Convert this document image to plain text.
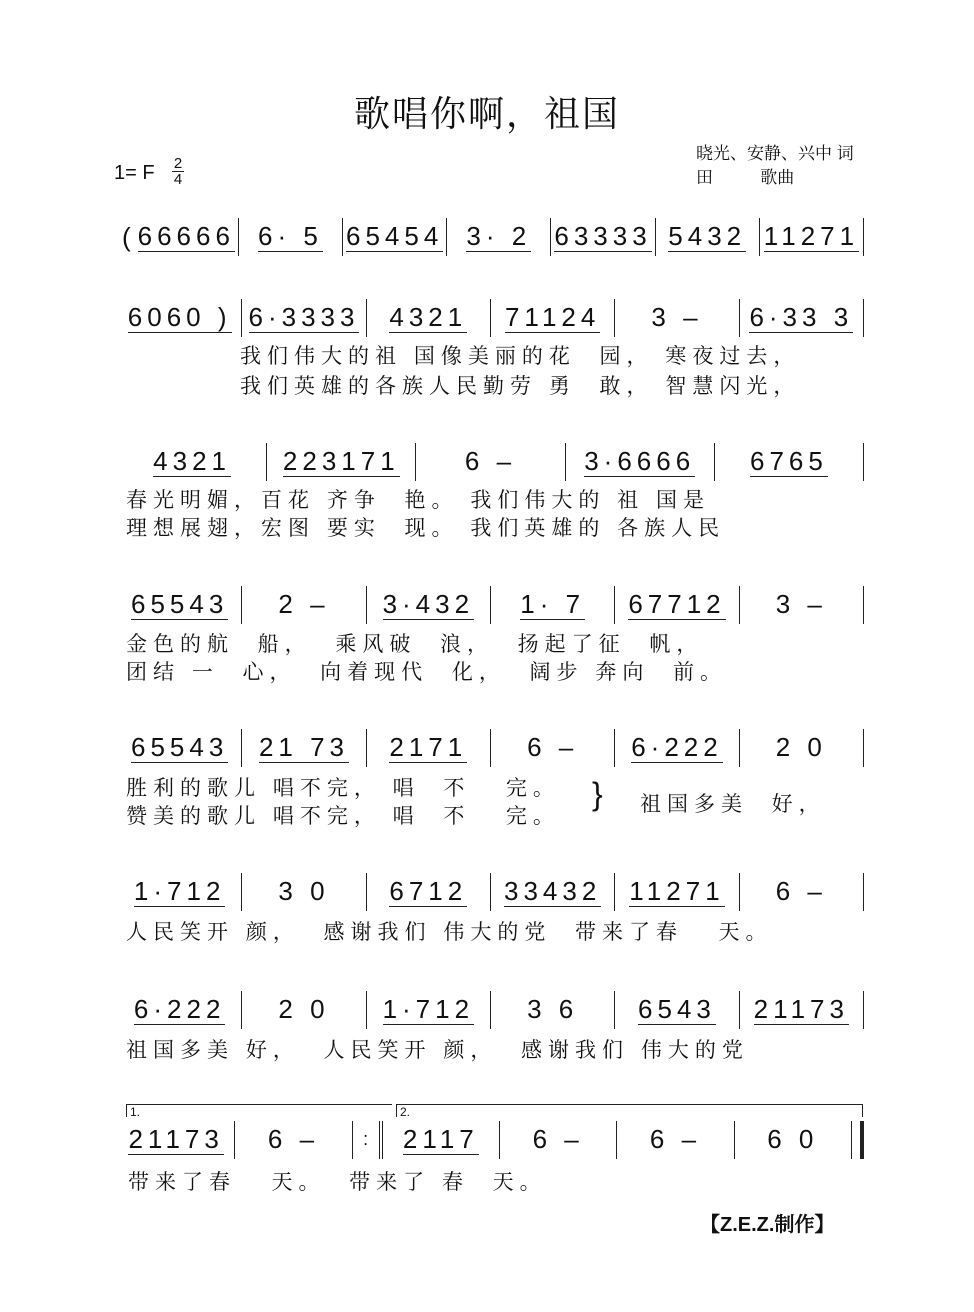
歌唱你啊，祖国
1= F 2
4
晓光、安静、兴中 词
田          歌曲
( 66666 6· 5 65454 3· 2 63333 5432 11271
6060 ) 6·3333 4321 71124 3 – 6·33 3
4321 223171	6 –	3·6666 6765
65543 2 – 3·432 1· 7 67712 3 –
65543 21 73 2171 6 – 6·222 2 0
1·712 3 0 6712 33432 11271 6 –
6·222 2 0 1·712 3 6 6543 21173
21173 6 – : 2117 6 –	6 –	6 0
我们伟大的祖 国像美丽的花  园， 寒夜过去，
我们英雄的各族人民勤劳 勇  敢， 智慧闪光，
春光明媚，百花 齐争  艳。 我们伟大的 祖 国是
理想展翅，宏图 要实  现。 我们英雄的 各族人民
金色的航  船，  乘风破  浪，  扬起了征  帆，
团结 一  心，  向着现代  化，  阔步 奔向  前。
胜利的歌儿 唱不完， 唱  不   完。
赞美的歌儿 唱不完， 唱  不   完。
} 祖国多美  好，
人民笑开 颜，  感谢我们 伟大的党  带来了春   天。
祖国多美 好，  人民笑开 颜，  感谢我们 伟大的党
带来了春   天。  带来了 春  天。
1.	2.
【Z.E.Z.制作】
